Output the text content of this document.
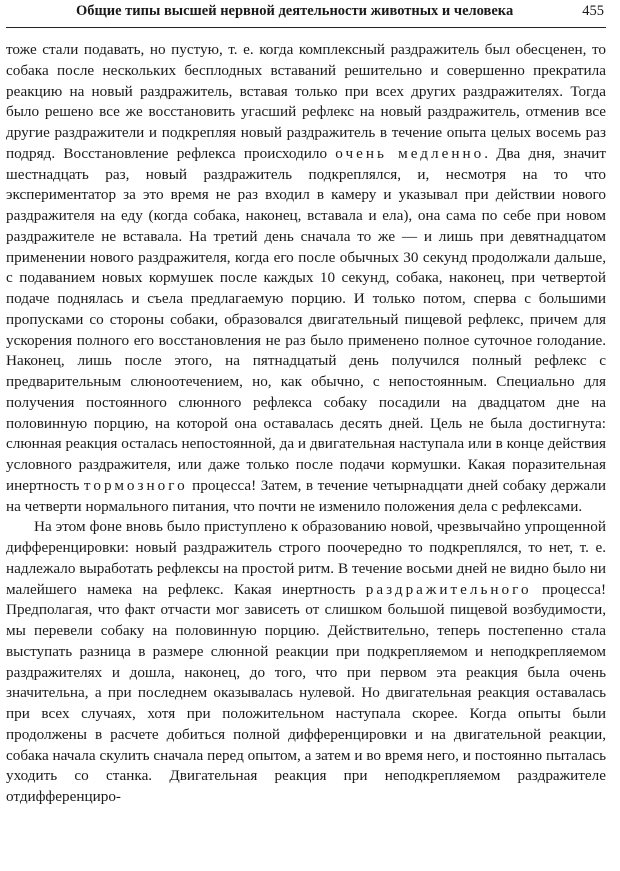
Общие типы высшей нервной деятельности животных и человека	455

тоже стали подавать, но пустую, т. е. когда комплексный раздражитель был обесценен, то собака после нескольких бесплодных вставаний решительно и совершенно прекратила реакцию на новый раздражитель, вставая только при всех других раздражителях. Тогда было решено все же восстановить угасший рефлекс на новый раздражитель, отменив все другие раздражители и подкрепляя новый раздражитель в течение опыта целых восемь раз подряд. Восстановление рефлекса происходило очень медленно. Два дня, значит шестнадцать раз, новый раздражитель подкреплялся, и, несмотря на то что экспериментатор за это время не раз входил в камеру и указывал при действии нового раздражителя на еду (когда собака, наконец, вставала и ела), она сама по себе при новом раздражителе не вставала. На третий день сначала то же — и лишь при девятнадцатом применении нового раздражителя, когда его после обычных 30 секунд продолжали дальше, с подаванием новых кормушек после каждых 10 секунд, собака, наконец, при четвертой подаче поднялась и съела предлагаемую порцию. И только потом, сперва с большими пропусками со стороны собаки, образовался двигательный пищевой рефлекс, причем для ускорения полного его восстановления не раз было применено полное суточное голодание. Наконец, лишь после этого, на пятнадцатый день получился полный рефлекс с предварительным слюноотечением, но, как обычно, с непостоянным. Специально для получения постоянного слюнного рефлекса собаку посадили на двадцатом дне на половинную порцию, на которой она оставалась десять дней. Цель не была достигнута: слюнная реакция осталась непостоянной, да и двигательная наступала или в конце действия условного раздражителя, или даже только после подачи кормушки. Какая поразительная инертность тормозного процесса! Затем, в течение четырнадцати дней собаку держали на четверти нормального питания, что почти не изменило положения дела с рефлексами.

На этом фоне вновь было приступлено к образованию новой, чрезвычайно упрощенной дифференцировки: новый раздражитель строго поочередно то подкреплялся, то нет, т. е. надлежало выработать рефлексы на простой ритм. В течение восьми дней не видно было ни малейшего намека на рефлекс. Какая инертность раздражительного процесса! Предполагая, что факт отчасти мог зависеть от слишком большой пищевой возбудимости, мы перевели собаку на половинную порцию. Действительно, теперь постепенно стала выступать разница в размере слюнной реакции при подкрепляемом и неподкрепляемом раздражителях и дошла, наконец, до того, что при первом эта реакция была очень значительна, а при последнем оказывалась нулевой. Но двигательная реакция оставалась при всех случаях, хотя при положительном наступала скорее. Когда опыты были продолжены в расчете добиться полной дифференцировки и на двигательной реакции, собака начала скулить сначала перед опытом, а затем и во время него, и постоянно пыталась уходить со станка. Двигательная реакция при неподкрепляемом раздражителе отдифференциро-
